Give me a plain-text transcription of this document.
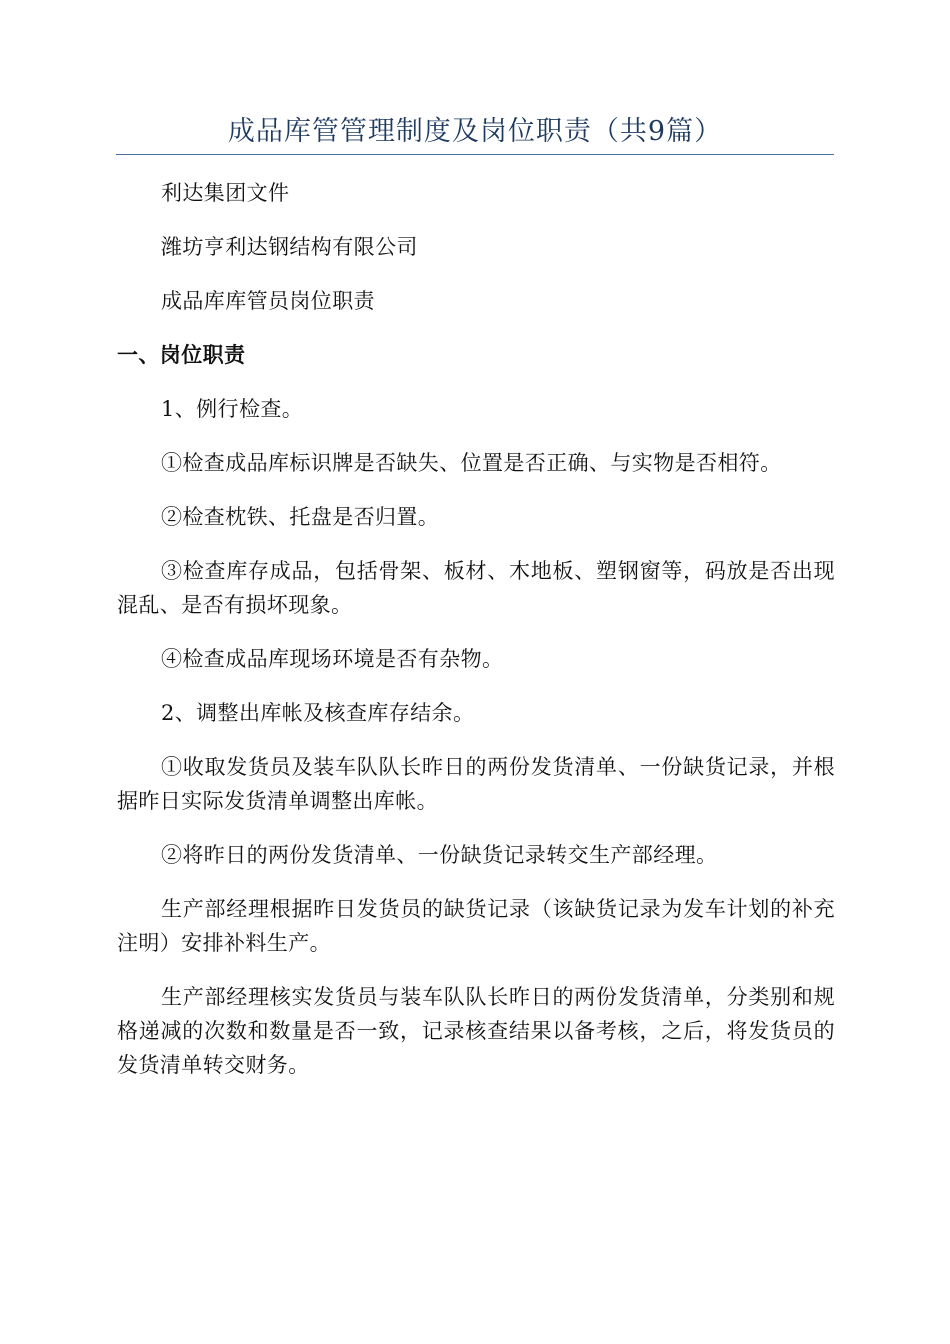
成品库管管理制度及岗位职责（共9篇）

利达集团文件

潍坊亨利达钢结构有限公司

成品库库管员岗位职责

一、岗位职责

1、例行检查。

①检查成品库标识牌是否缺失、位置是否正确、与实物是否相符。

②检查枕铁、托盘是否归置。

③检查库存成品，包括骨架、板材、木地板、塑钢窗等，码放是否出现混乱、是否有损坏现象。

④检查成品库现场环境是否有杂物。

2、调整出库帐及核查库存结余。

①收取发货员及装车队队长昨日的两份发货清单、一份缺货记录，并根据昨日实际发货清单调整出库帐。

②将昨日的两份发货清单、一份缺货记录转交生产部经理。

生产部经理根据昨日发货员的缺货记录（该缺货记录为发车计划的补充注明）安排补料生产。

生产部经理核实发货员与装车队队长昨日的两份发货清单，分类别和规格递减的次数和数量是否一致，记录核查结果以备考核，之后，将发货员的发货清单转交财务。
